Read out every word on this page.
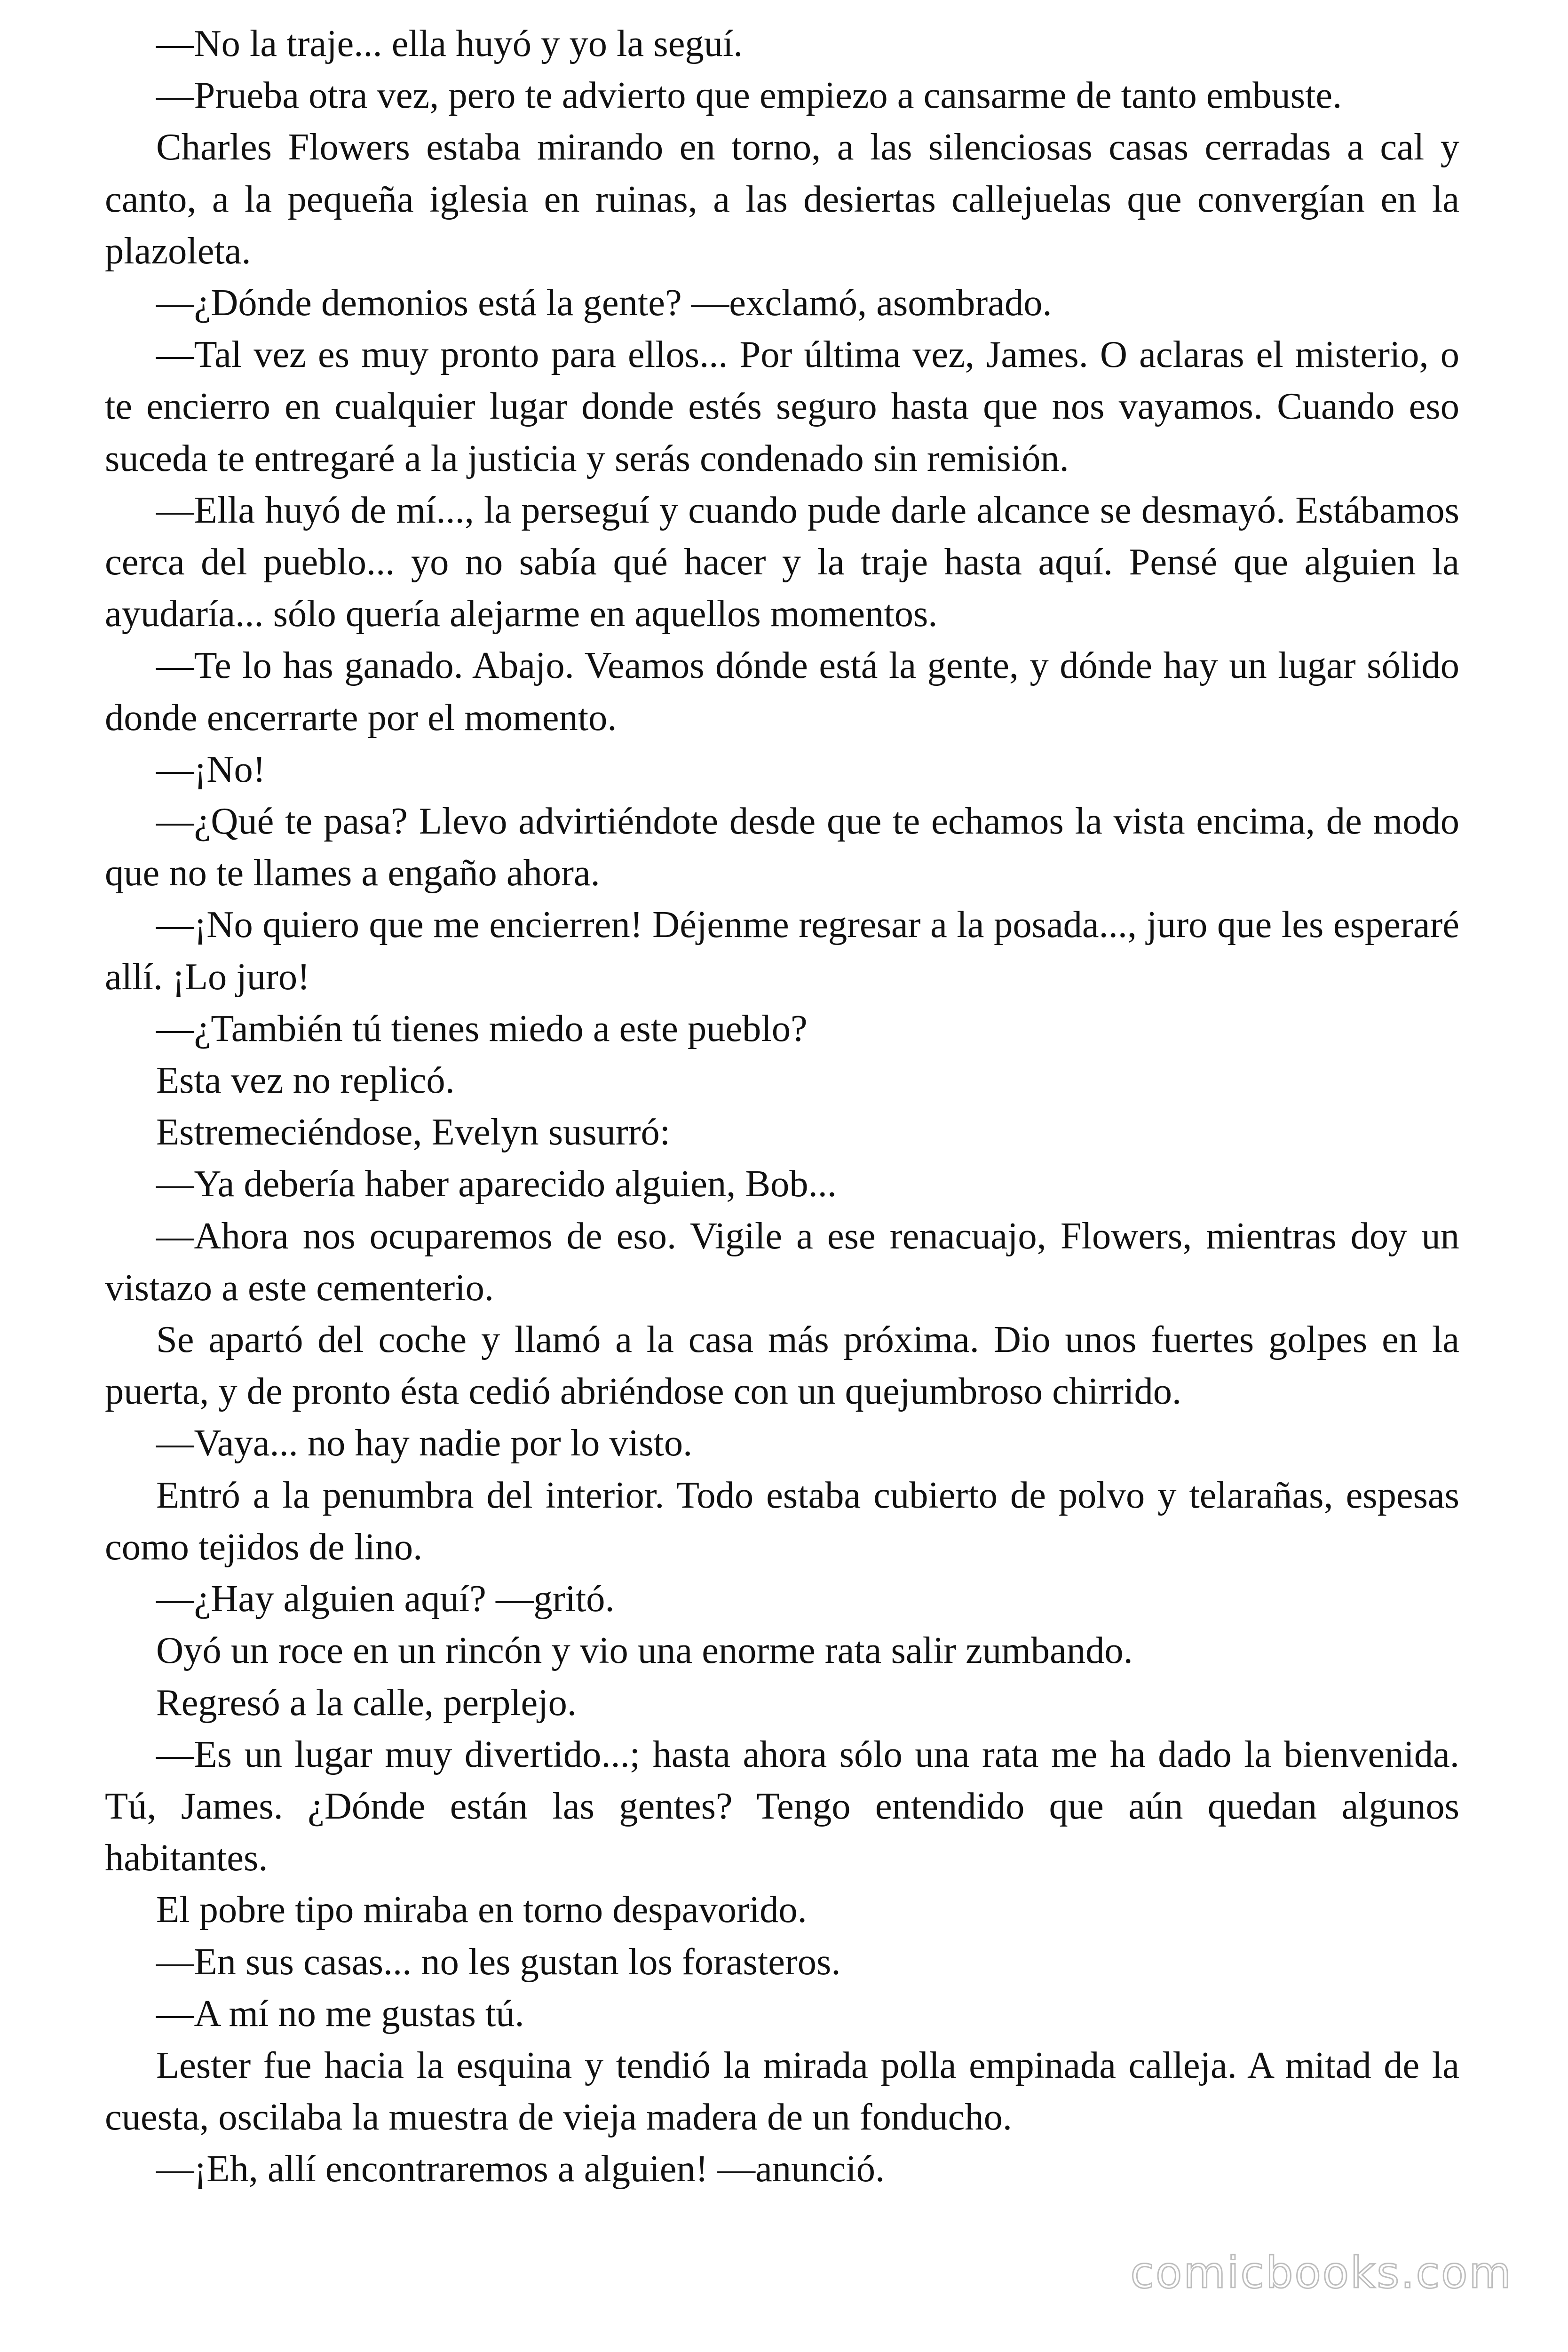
—No la traje... ella huyó y yo la seguí.

—Prueba otra vez, pero te advierto que empiezo a cansarme de tanto embuste.

Charles Flowers estaba mirando en torno, a las silenciosas casas cerradas a cal y canto, a la pequeña iglesia en ruinas, a las desiertas callejuelas que convergían en la plazoleta.

—¿Dónde demonios está la gente? —exclamó, asombrado.

—Tal vez es muy pronto para ellos... Por última vez, James. O aclaras el misterio, o te encierro en cualquier lugar donde estés seguro hasta que nos vayamos. Cuando eso suceda te entregaré a la justicia y serás condenado sin remisión.

—Ella huyó de mí..., la perseguí y cuando pude darle alcance se desmayó. Estábamos cerca del pueblo... yo no sabía qué hacer y la traje hasta aquí. Pensé que alguien la ayudaría... sólo quería alejarme en aquellos momentos.

—Te lo has ganado. Abajo. Veamos dónde está la gente, y dónde hay un lugar sólido donde encerrarte por el momento.

—¡No!

—¿Qué te pasa? Llevo advirtiéndote desde que te echamos la vista encima, de modo que no te llames a engaño ahora.

—¡No quiero que me encierren! Déjenme regresar a la posada..., juro que les esperaré allí. ¡Lo juro!

—¿También tú tienes miedo a este pueblo?

Esta vez no replicó.

Estremeciéndose, Evelyn susurró:

—Ya debería haber aparecido alguien, Bob...

—Ahora nos ocuparemos de eso. Vigile a ese renacuajo, Flowers, mientras doy un vistazo a este cementerio.

Se apartó del coche y llamó a la casa más próxima. Dio unos fuertes golpes en la puerta, y de pronto ésta cedió abriéndose con un quejumbroso chirrido.

—Vaya... no hay nadie por lo visto.

Entró a la penumbra del interior. Todo estaba cubierto de polvo y telarañas, espesas como tejidos de lino.

—¿Hay alguien aquí? —gritó.

Oyó un roce en un rincón y vio una enorme rata salir zumbando.

Regresó a la calle, perplejo.

—Es un lugar muy divertido...; hasta ahora sólo una rata me ha dado la bienvenida. Tú, James. ¿Dónde están las gentes? Tengo entendido que aún quedan algunos habitantes.

El pobre tipo miraba en torno despavorido.

—En sus casas... no les gustan los forasteros.

—A mí no me gustas tú.

Lester fue hacia la esquina y tendió la mirada polla empinada calleja. A mitad de la cuesta, oscilaba la muestra de vieja madera de un fonducho.

—¡Eh, allí encontraremos a alguien! —anunció.

comicbooks.com
